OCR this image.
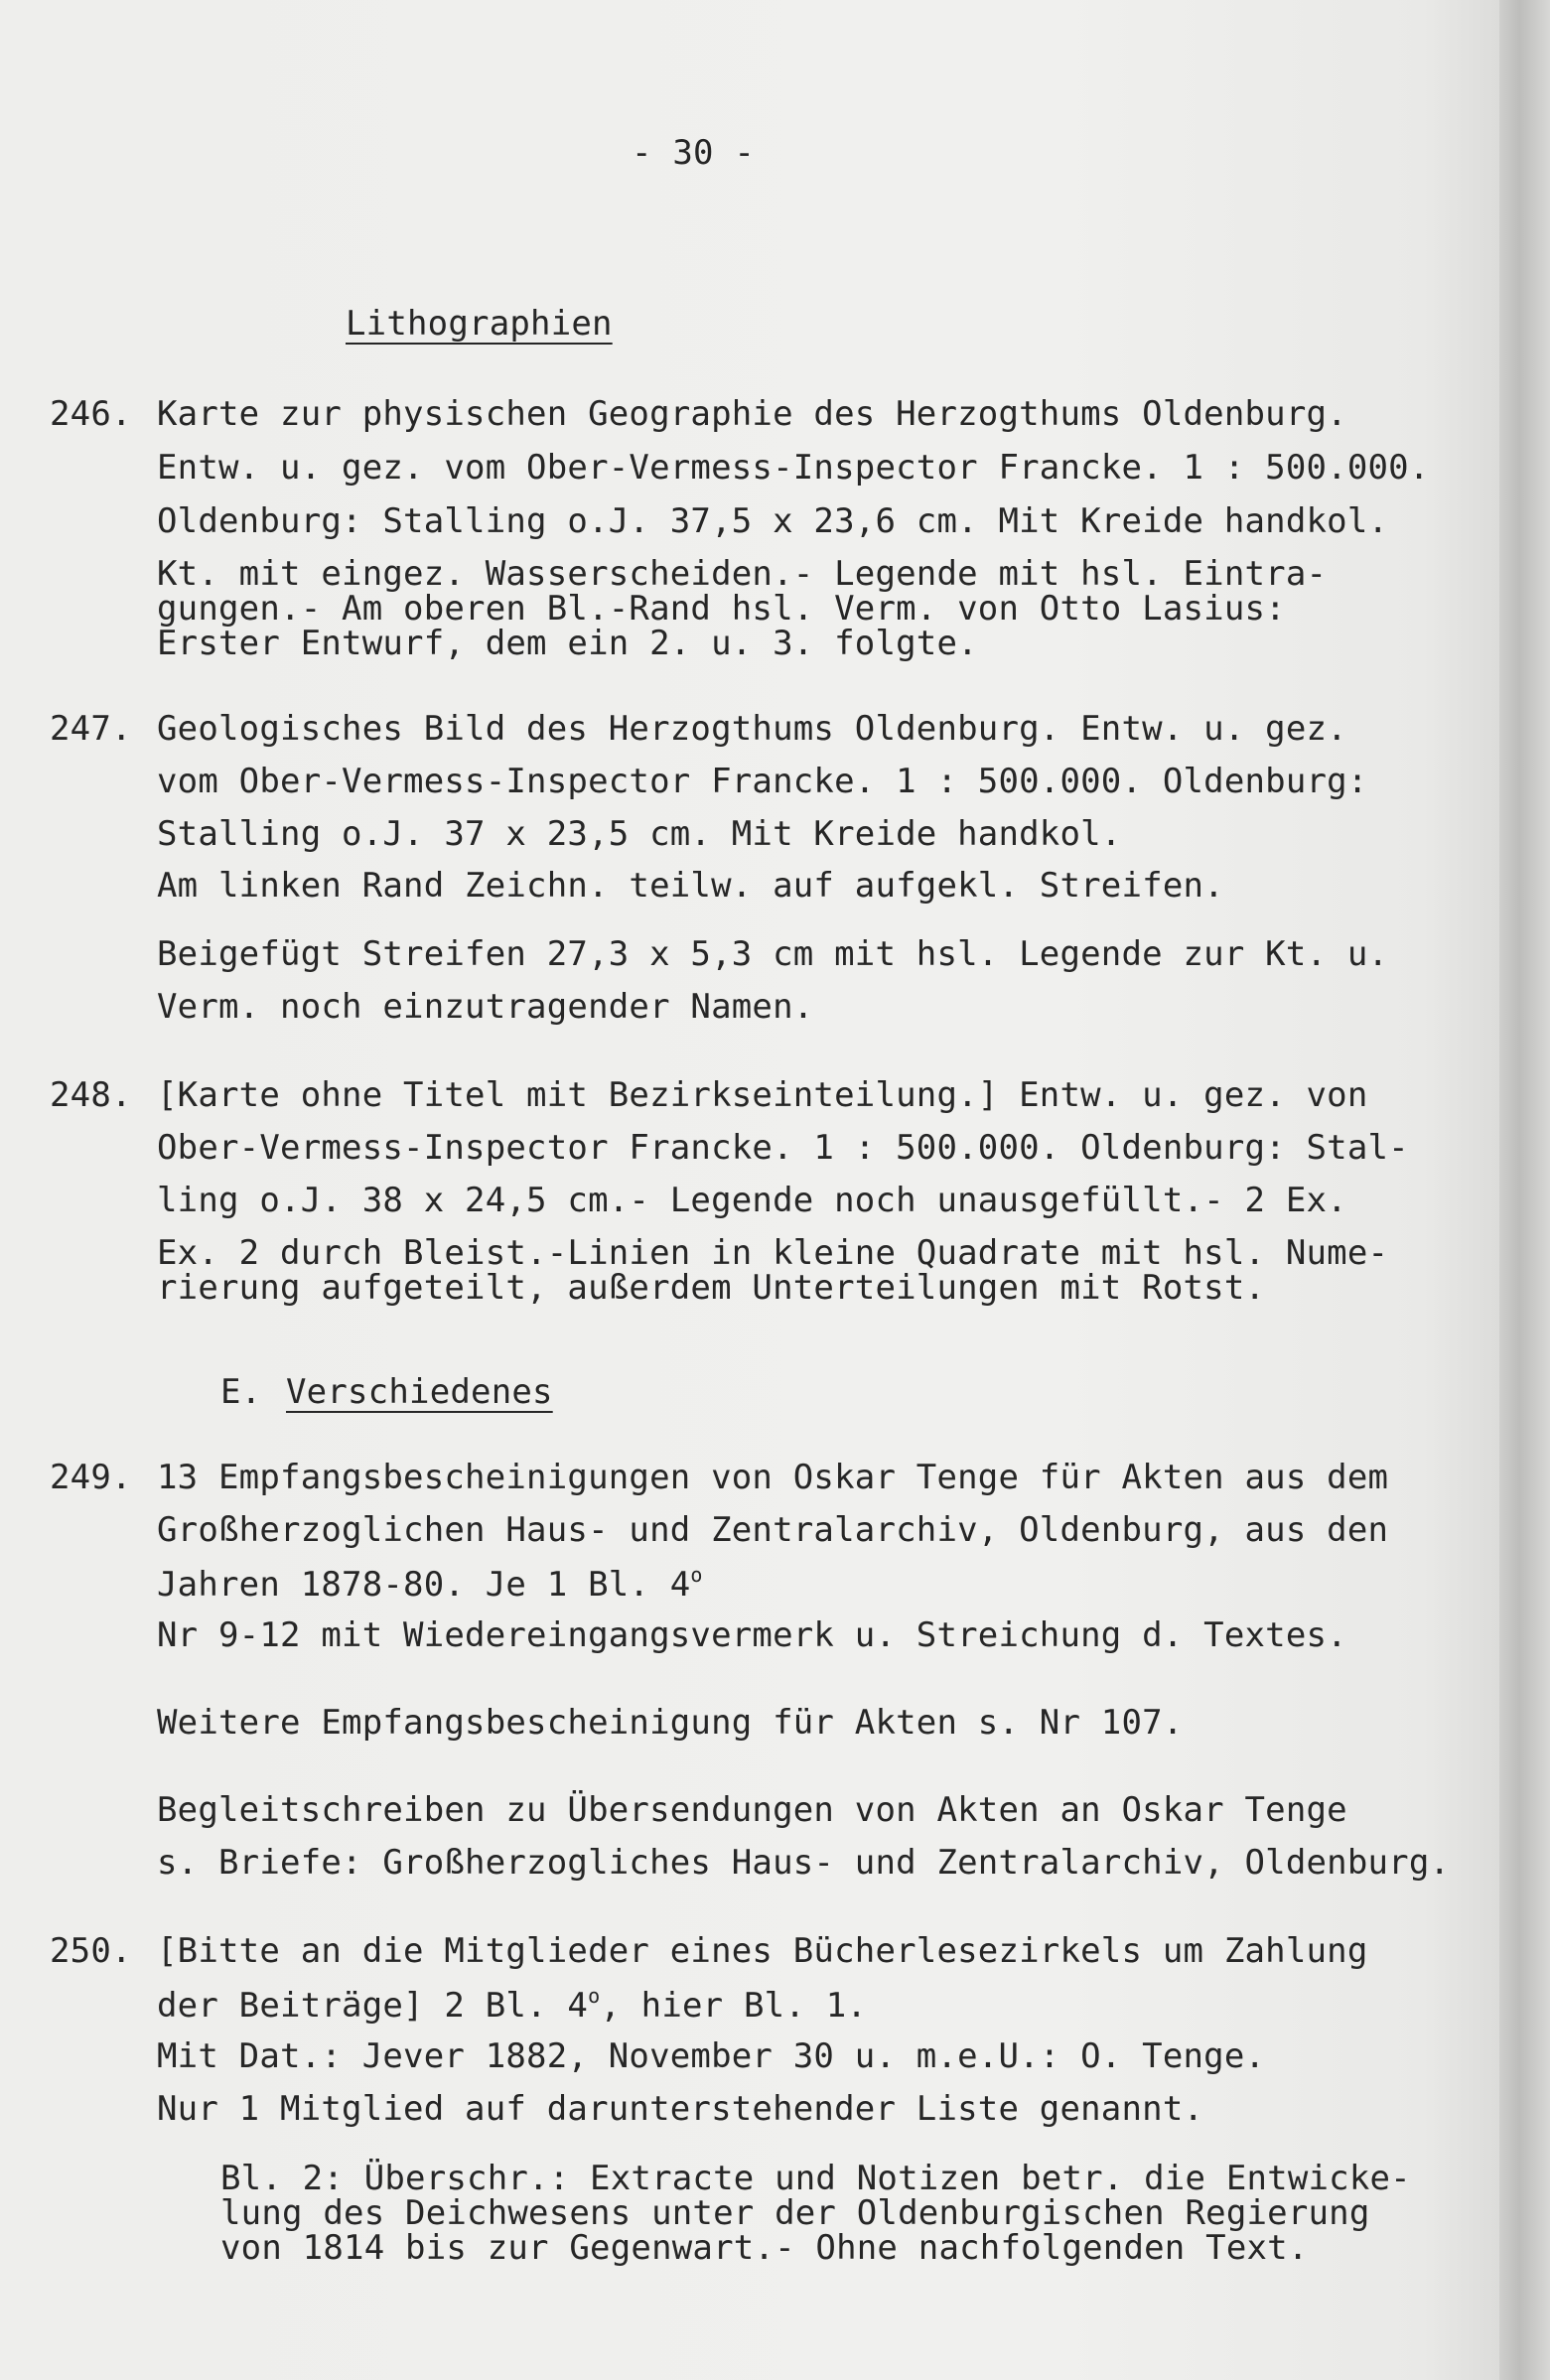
- 30 -
Lithographien
246. Karte zur physischen Geographie des Herzogthums Oldenburg.
Entw. u. gez. vom Ober-Vermess-Inspector Francke. 1 : 500.000.
Oldenburg: Stalling o.J. 37,5 x 23,6 cm. Mit Kreide handkol.
Kt. mit eingez. Wasserscheiden.- Legende mit hsl. Eintra-
gungen.- Am oberen Bl.-Rand hsl. Verm. von Otto Lasius:
Erster Entwurf, dem ein 2. u. 3. folgte.
247. Geologisches Bild des Herzogthums Oldenburg. Entw. u. gez.
vom Ober-Vermess-Inspector Francke. 1 : 500.000. Oldenburg:
Stalling o.J. 37 x 23,5 cm. Mit Kreide handkol.
Am linken Rand Zeichn. teilw. auf aufgekl. Streifen.
Beigefügt Streifen 27,3 x 5,3 cm mit hsl. Legende zur Kt. u.
Verm. noch einzutragender Namen.
248. [Karte ohne Titel mit Bezirkseinteilung.] Entw. u. gez. von
Ober-Vermess-Inspector Francke. 1 : 500.000. Oldenburg: Stal-
ling o.J. 38 x 24,5 cm.- Legende noch unausgefüllt.- 2 Ex.
Ex. 2 durch Bleist.-Linien in kleine Quadrate mit hsl. Nume-
rierung aufgeteilt, außerdem Unterteilungen mit Rotst.
E. Verschiedenes
249. 13 Empfangsbescheinigungen von Oskar Tenge für Akten aus dem
Großherzoglichen Haus- und Zentralarchiv, Oldenburg, aus den
Jahren 1878-80. Je 1 Bl. 4$^o$
Nr 9-12 mit Wiedereingangsvermerk u. Streichung d. Textes.
Weitere Empfangsbescheinigung für Akten s. Nr 107.
Begleitschreiben zu Übersendungen von Akten an Oskar Tenge
s. Briefe: Großherzogliches Haus- und Zentralarchiv, Oldenburg.
250. [Bitte an die Mitglieder eines Bücherlesezirkels um Zahlung
der Beiträge] 2 Bl. 4$^o$, hier Bl. 1.
Mit Dat.: Jever 1882, November 30 u. m.e.U.: O. Tenge.
Nur 1 Mitglied auf darunterstehender Liste genannt.
Bl. 2: Überschr.: Extracte und Notizen betr. die Entwicke-
lung des Deichwesens unter der Oldenburgischen Regierung
von 1814 bis zur Gegenwart.- Ohne nachfolgenden Text.
